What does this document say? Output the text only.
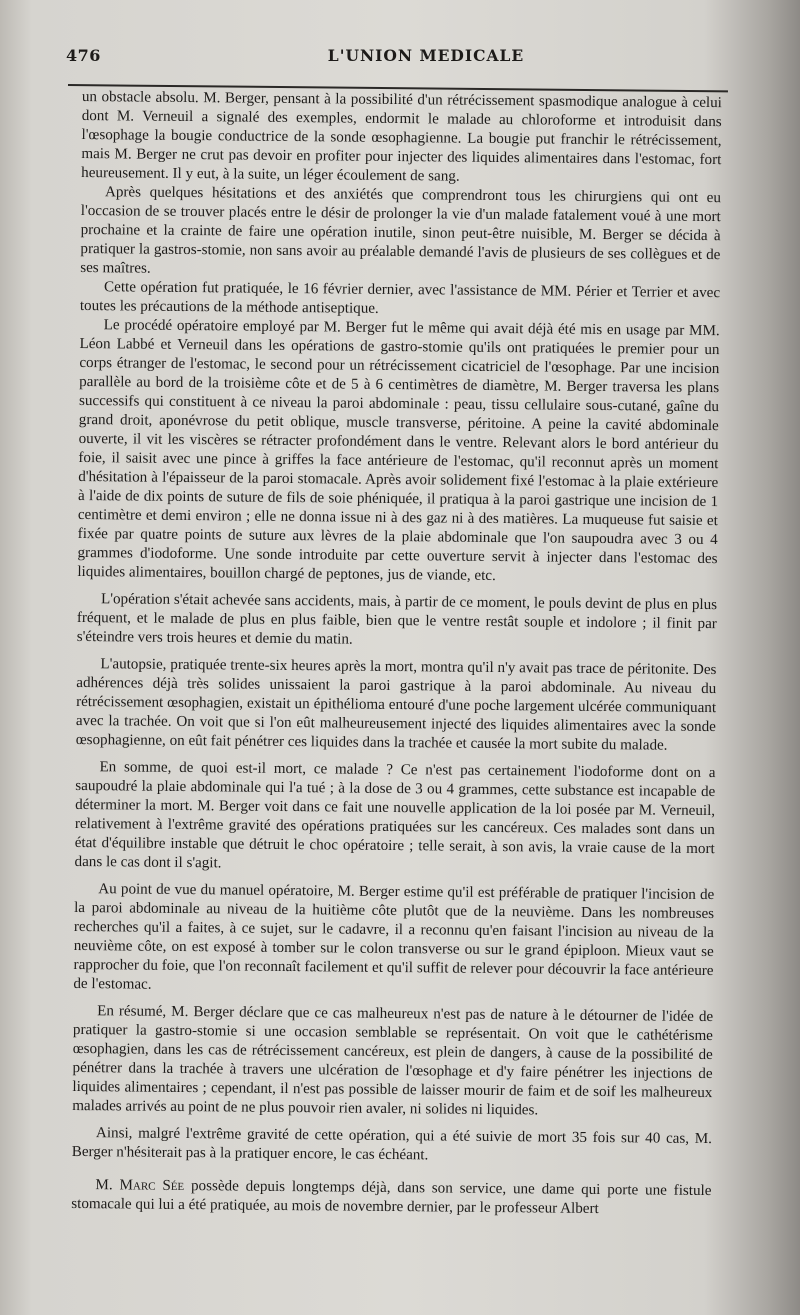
476	L'UNION MEDICALE

un obstacle absolu. M. Berger, pensant à la possibilité d'un rétrécissement spasmodique analogue à celui dont M. Verneuil a signalé des exemples, endormit le malade au chloroforme et introduisit dans l'œsophage la bougie conductrice de la sonde œsophagienne. La bougie put franchir le rétrécissement, mais M. Berger ne crut pas devoir en profiter pour injecter des liquides alimentaires dans l'estomac, fort heureusement. Il y eut, à la suite, un léger écoulement de sang.

Après quelques hésitations et des anxiétés que comprendront tous les chirurgiens qui ont eu l'occasion de se trouver placés entre le désir de prolonger la vie d'un malade fatalement voué à une mort prochaine et la crainte de faire une opération inutile, sinon peut-être nuisible, M. Berger se décida à pratiquer la gastros-stomie, non sans avoir au préalable demandé l'avis de plusieurs de ses collègues et de ses maîtres.

Cette opération fut pratiquée, le 16 février dernier, avec l'assistance de MM. Périer et Terrier et avec toutes les précautions de la méthode antiseptique.

Le procédé opératoire employé par M. Berger fut le même qui avait déjà été mis en usage par MM. Léon Labbé et Verneuil dans les opérations de gastro-stomie qu'ils ont pratiquées le premier pour un corps étranger de l'estomac, le second pour un rétrécissement cicatriciel de l'œsophage. Par une incision parallèle au bord de la troisième côte et de 5 à 6 centimètres de diamètre, M. Berger traversa les plans successifs qui constituent à ce niveau la paroi abdominale : peau, tissu cellulaire sous-cutané, gaîne du grand droit, aponévrose du petit oblique, muscle transverse, péritoine. A peine la cavité abdominale ouverte, il vit les viscères se rétracter profondément dans le ventre. Relevant alors le bord antérieur du foie, il saisit avec une pince à griffes la face antérieure de l'estomac, qu'il reconnut après un moment d'hésitation à l'épaisseur de la paroi stomacale. Après avoir solidement fixé l'estomac à la plaie extérieure à l'aide de dix points de suture de fils de soie phéniquée, il pratiqua à la paroi gastrique une incision de 1 centimètre et demi environ ; elle ne donna issue ni à des gaz ni à des matières. La muqueuse fut saisie et fixée par quatre points de suture aux lèvres de la plaie abdominale que l'on saupoudra avec 3 ou 4 grammes d'iodoforme. Une sonde introduite par cette ouverture servit à injecter dans l'estomac des liquides alimentaires, bouillon chargé de peptones, jus de viande, etc.

L'opération s'était achevée sans accidents, mais, à partir de ce moment, le pouls devint de plus en plus fréquent, et le malade de plus en plus faible, bien que le ventre restât souple et indolore ; il finit par s'éteindre vers trois heures et demie du matin.

L'autopsie, pratiquée trente-six heures après la mort, montra qu'il n'y avait pas trace de péritonite. Des adhérences déjà très solides unissaient la paroi gastrique à la paroi abdominale. Au niveau du rétrécissement œsophagien, existait un épithélioma entouré d'une poche largement ulcérée communiquant avec la trachée. On voit que si l'on eût malheureusement injecté des liquides alimentaires avec la sonde œsophagienne, on eût fait pénétrer ces liquides dans la trachée et causée la mort subite du malade.

En somme, de quoi est-il mort, ce malade ? Ce n'est pas certainement l'iodoforme dont on a saupoudré la plaie abdominale qui l'a tué ; à la dose de 3 ou 4 grammes, cette substance est incapable de déterminer la mort. M. Berger voit dans ce fait une nouvelle application de la loi posée par M. Verneuil, relativement à l'extrême gravité des opérations pratiquées sur les cancéreux. Ces malades sont dans un état d'équilibre instable que détruit le choc opératoire ; telle serait, à son avis, la vraie cause de la mort dans le cas dont il s'agit.

Au point de vue du manuel opératoire, M. Berger estime qu'il est préférable de pratiquer l'incision de la paroi abdominale au niveau de la huitième côte plutôt que de la neuvième. Dans les nombreuses recherches qu'il a faites, à ce sujet, sur le cadavre, il a reconnu qu'en faisant l'incision au niveau de la neuvième côte, on est exposé à tomber sur le colon transverse ou sur le grand épiploon. Mieux vaut se rapprocher du foie, que l'on reconnaît facilement et qu'il suffit de relever pour découvrir la face antérieure de l'estomac.

En résumé, M. Berger déclare que ce cas malheureux n'est pas de nature à le détourner de l'idée de pratiquer la gastro-stomie si une occasion semblable se représentait. On voit que le cathétérisme œsophagien, dans les cas de rétrécissement cancéreux, est plein de dangers, à cause de la possibilité de pénétrer dans la trachée à travers une ulcération de l'œsophage et d'y faire pénétrer les injections de liquides alimentaires ; cependant, il n'est pas possible de laisser mourir de faim et de soif les malheureux malades arrivés au point de ne plus pouvoir rien avaler, ni solides ni liquides.

Ainsi, malgré l'extrême gravité de cette opération, qui a été suivie de mort 35 fois sur 40 cas, M. Berger n'hésiterait pas à la pratiquer encore, le cas échéant.

M. Marc Sée possède depuis longtemps déjà, dans son service, une dame qui porte une fistule stomacale qui lui a été pratiquée, au mois de novembre dernier, par le professeur Albert
